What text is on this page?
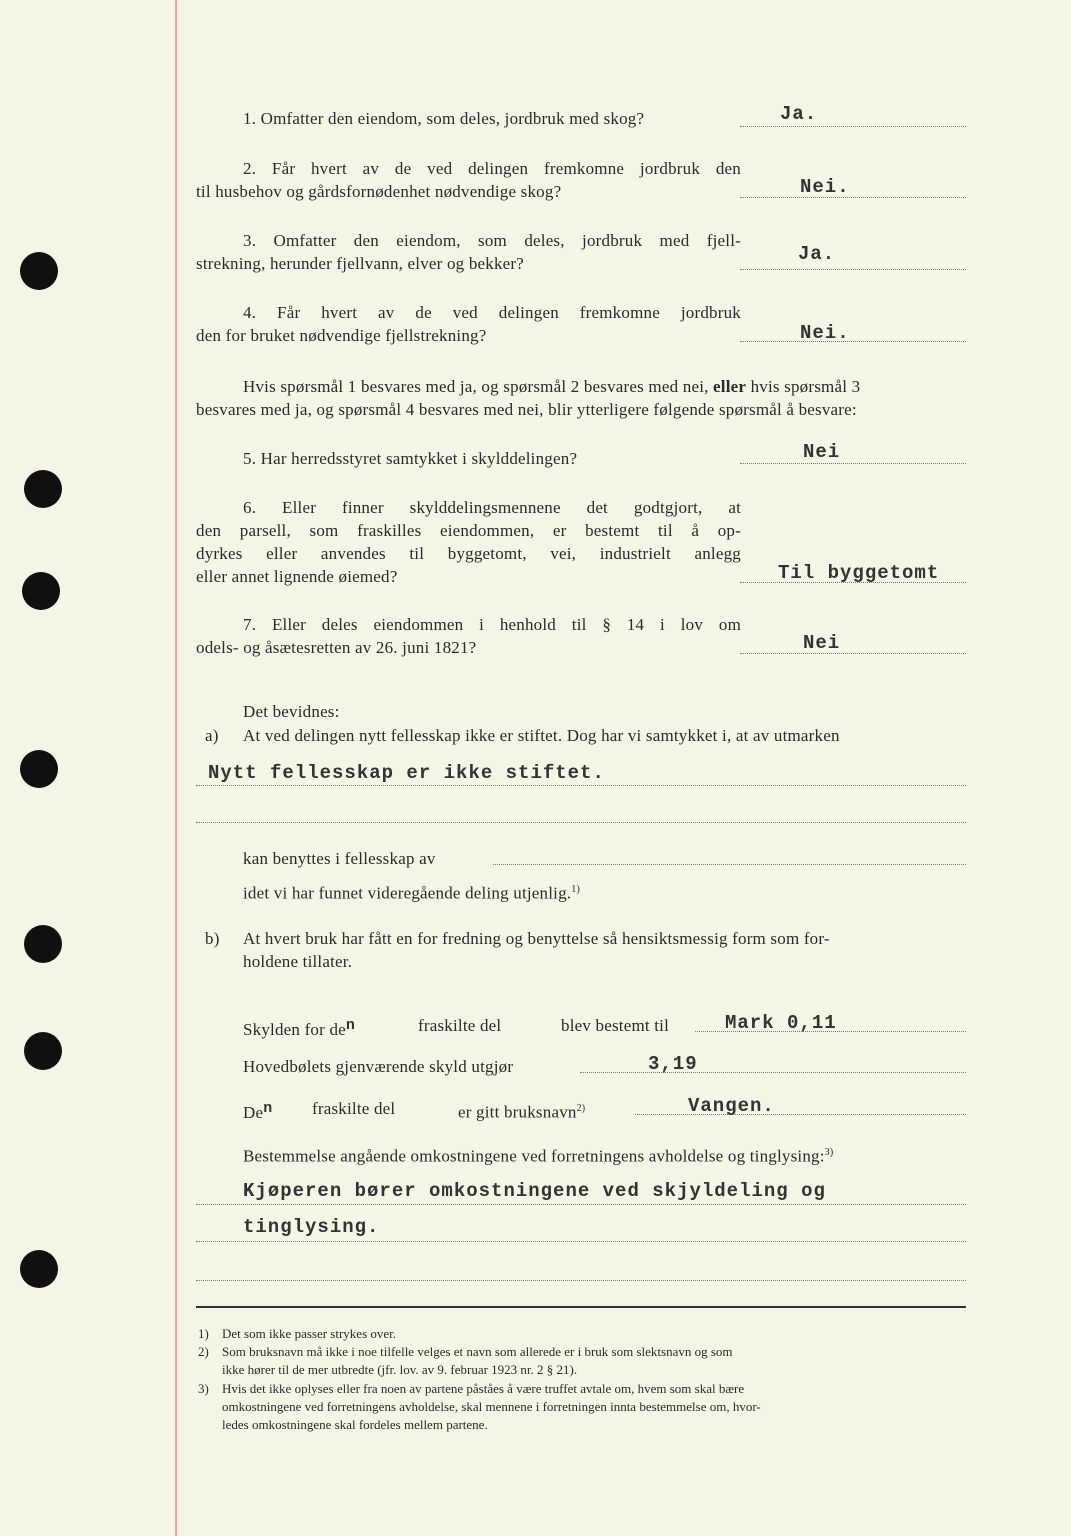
1. Omfatter den eiendom, som deles, jordbruk med skog?	Ja.
2. Får hvert av de ved delingen fremkomne jordbruk den
til husbehov og gårdsfornødenhet nødvendige skog?	Nei.
3. Omfatter den eiendom, som deles, jordbruk med fjell-
strekning, herunder fjellvann, elver og bekker?	Ja.
4. Får hvert av de ved delingen fremkomne jordbruk
den for bruket nødvendige fjellstrekning?	Nei.
Hvis spørsmål 1 besvares med ja, og spørsmål 2 besvares med nei, eller hvis spørsmål 3
besvares med ja, og spørsmål 4 besvares med nei, blir ytterligere følgende spørsmål å besvare:
5. Har herredsstyret samtykket i skylddelingen?	Nei
6. Eller finner skylddelingsmennene det godtgjort, at
den parsell, som fraskilles eiendommen, er bestemt til å op-
dyrkes eller anvendes til byggetomt, vei, industrielt anlegg
eller annet lignende øiemed?	Til byggetomt
7. Eller deles eiendommen i henhold til § 14 i lov om
odels- og åsætesretten av 26. juni 1821?	Nei
Det bevidnes:
a) At ved delingen nytt fellesskap ikke er stiftet. Dog har vi samtykket i, at av utmarken
Nytt fellesskap er ikke stiftet.
kan benyttes i fellesskap av
idet vi har funnet videregående deling utjenlig.$^{1)}$
b) At hvert bruk har fått en for fredning og benyttelse så hensiktsmessig form som for-
holdene tillater.
Skylden for den	fraskilte del	blev bestemt til	Mark 0,11
Hovedbølets gjenværende skyld utgjør	3,19
Den fraskilte del	er gitt bruksnavn$^{2)}$	Vangen.
Bestemmelse angående omkostningene ved forretningens avholdelse og tinglysing:$^{3)}$
Kjøperen bører omkostningene ved skjyldeling og
tinglysing.
1) Det som ikke passer strykes over.
2) Som bruksnavn må ikke i noe tilfelle velges et navn som allerede er i bruk som slektsnavn og som
ikke hører til de mer utbredte (jfr. lov. av 9. februar 1923 nr. 2 § 21).
3) Hvis det ikke oplyses eller fra noen av partene påståes å være truffet avtale om, hvem som skal bære
omkostningene ved forretningens avholdelse, skal mennene i forretningen innta bestemmelse om, hvor-
ledes omkostningene skal fordeles mellem partene.
